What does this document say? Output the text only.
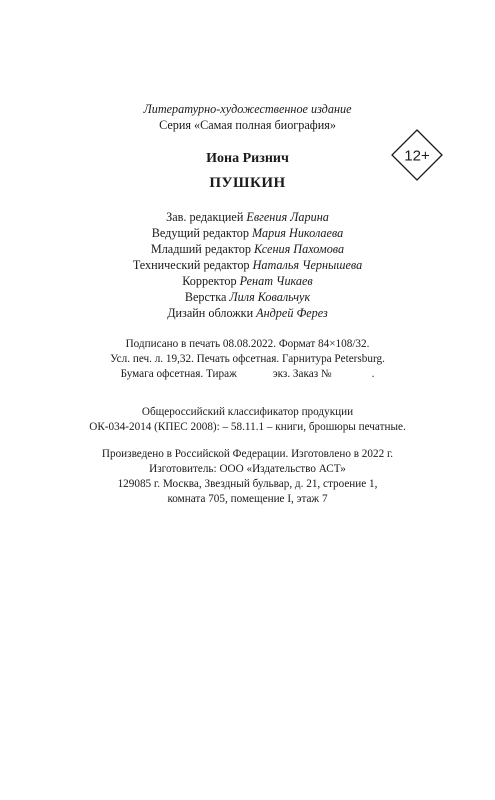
Литературно-художественное издание
Серия «Самая полная биография»
12+
Иона Ризнич
ПУШКИН
Зав. редакцией Евгения Ларина
Ведущий редактор Мария Николаева
Младший редактор Ксения Пахомова
Технический редактор Наталья Чернышева
Корректор Ренат Чикаев
Верстка Лиля Ковальчук
Дизайн обложки Андрей Ферез
Подписано в печать 08.08.2022. Формат 84×108/32.
Усл. печ. л. 19,32. Печать офсетная. Гарнитура Petersburg.
Бумага офсетная. Тираж	экз. Заказ №	.
Общероссийский классификатор продукции
ОК-034-2014 (КПЕС 2008): – 58.11.1 – книги, брошюры печатные.
Произведено в Российской Федерации. Изготовлено в 2022 г.
Изготовитель: ООО «Издательство АСТ»
129085 г. Москва, Звездный бульвар, д. 21, строение 1,
комната 705, помещение I, этаж 7
